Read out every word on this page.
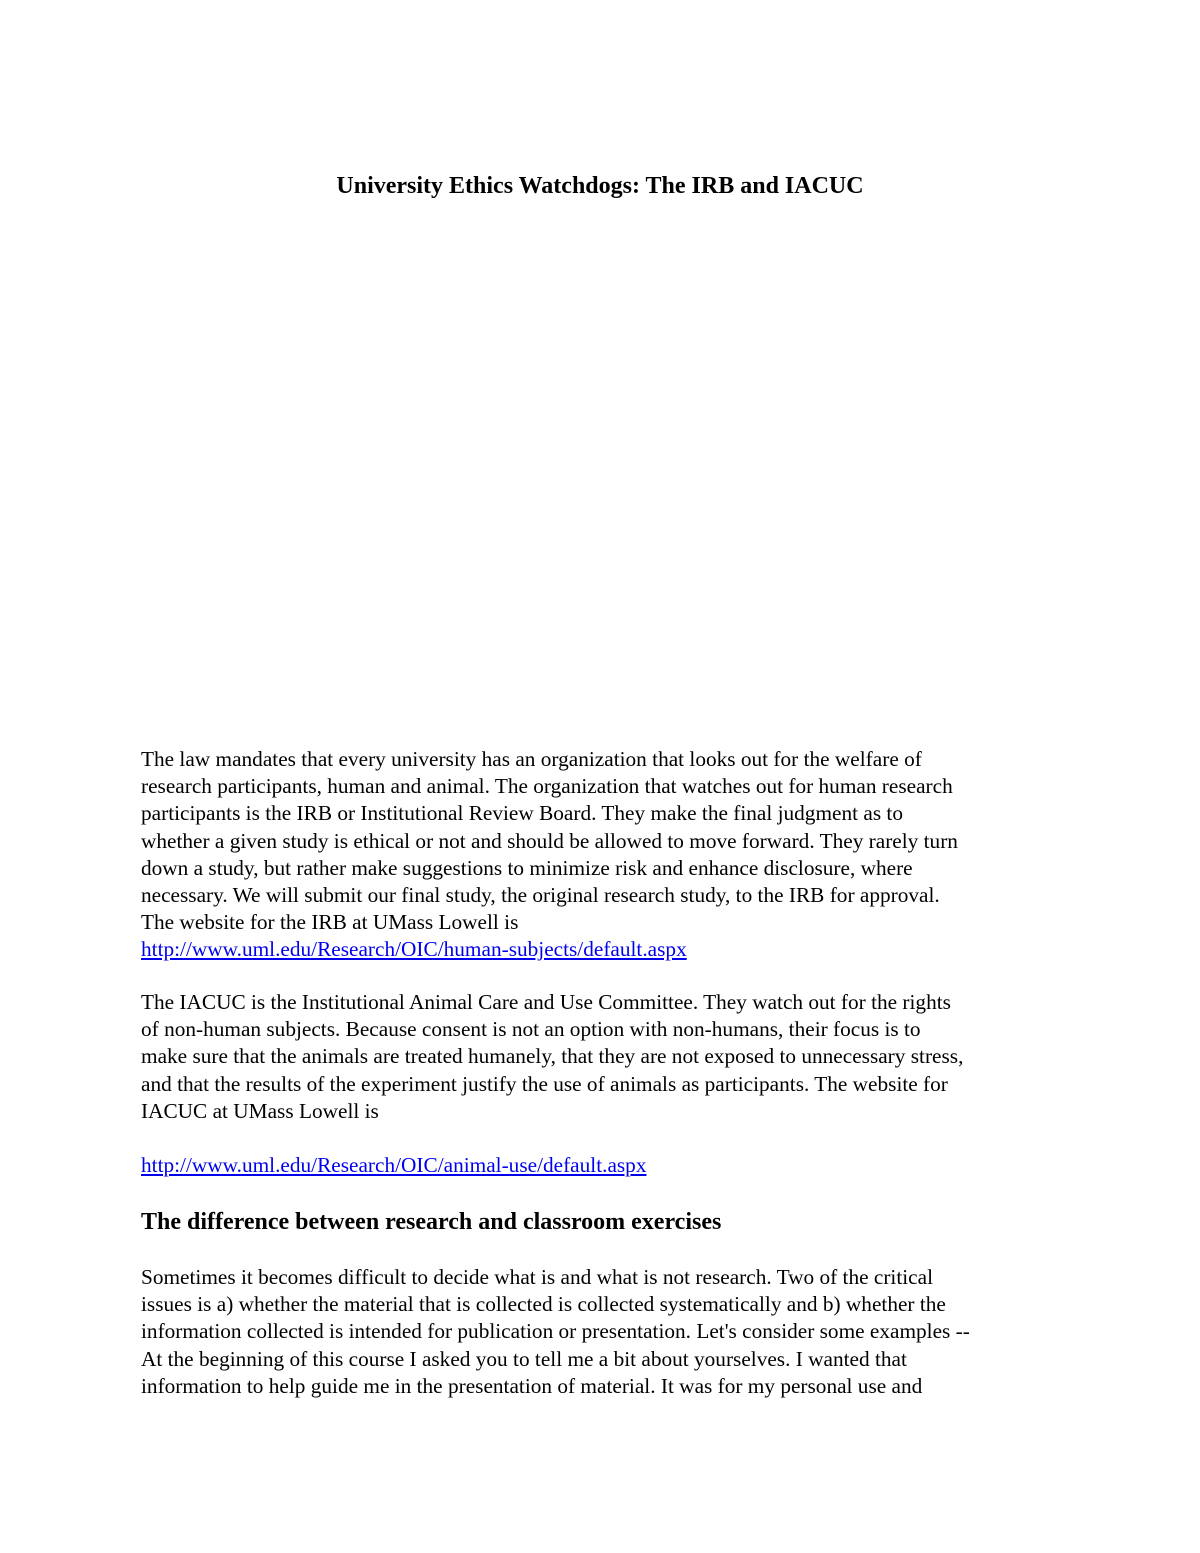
University Ethics Watchdogs: The IRB and IACUC

The law mandates that every university has an organization that looks out for the welfare of
research participants, human and animal. The organization that watches out for human research
participants is the IRB or Institutional Review Board. They make the final judgment as to
whether a given study is ethical or not and should be allowed to move forward. They rarely turn
down a study, but rather make suggestions to minimize risk and enhance disclosure, where
necessary. We will submit our final study, the original research study, to the IRB for approval.
The website for the IRB at UMass Lowell is
http://www.uml.edu/Research/OIC/human-subjects/default.aspx

The IACUC is the Institutional Animal Care and Use Committee. They watch out for the rights
of non-human subjects. Because consent is not an option with non-humans, their focus is to
make sure that the animals are treated humanely, that they are not exposed to unnecessary stress,
and that the results of the experiment justify the use of animals as participants. The website for
IACUC at UMass Lowell is

http://www.uml.edu/Research/OIC/animal-use/default.aspx

The difference between research and classroom exercises

Sometimes it becomes difficult to decide what is and what is not research. Two of the critical
issues is a) whether the material that is collected is collected systematically and b) whether the
information collected is intended for publication or presentation. Let's consider some examples --
At the beginning of this course I asked you to tell me a bit about yourselves. I wanted that
information to help guide me in the presentation of material. It was for my personal use and
